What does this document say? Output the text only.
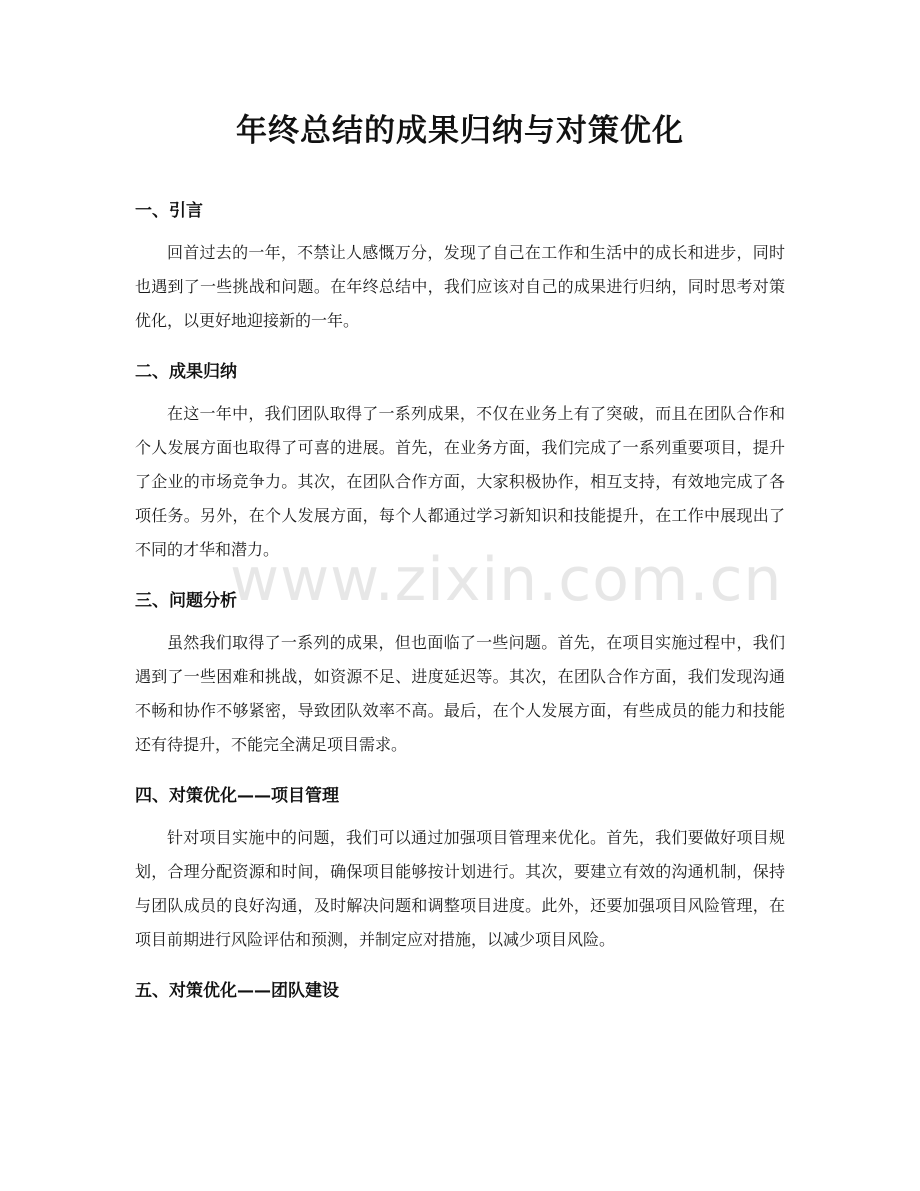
年终总结的成果归纳与对策优化
一、引言

回首过去的一年，不禁让人感慨万分，发现了自己在工作和生活中的成长和进步，同时也遇到了一些挑战和问题。在年终总结中，我们应该对自己的成果进行归纳，同时思考对策优化，以更好地迎接新的一年。

二、成果归纳

在这一年中，我们团队取得了一系列成果，不仅在业务上有了突破，而且在团队合作和个人发展方面也取得了可喜的进展。首先，在业务方面，我们完成了一系列重要项目，提升了企业的市场竞争力。其次，在团队合作方面，大家积极协作，相互支持，有效地完成了各项任务。另外，在个人发展方面，每个人都通过学习新知识和技能提升，在工作中展现出了不同的才华和潜力。

三、问题分析

虽然我们取得了一系列的成果，但也面临了一些问题。首先，在项目实施过程中，我们遇到了一些困难和挑战，如资源不足、进度延迟等。其次，在团队合作方面，我们发现沟通不畅和协作不够紧密，导致团队效率不高。最后，在个人发展方面，有些成员的能力和技能还有待提升，不能完全满足项目需求。

四、对策优化——项目管理

针对项目实施中的问题，我们可以通过加强项目管理来优化。首先，我们要做好项目规划，合理分配资源和时间，确保项目能够按计划进行。其次，要建立有效的沟通机制，保持与团队成员的良好沟通，及时解决问题和调整项目进度。此外，还要加强项目风险管理，在项目前期进行风险评估和预测，并制定应对措施，以减少项目风险。

五、对策优化——团队建设
www.zixin.com.cn
